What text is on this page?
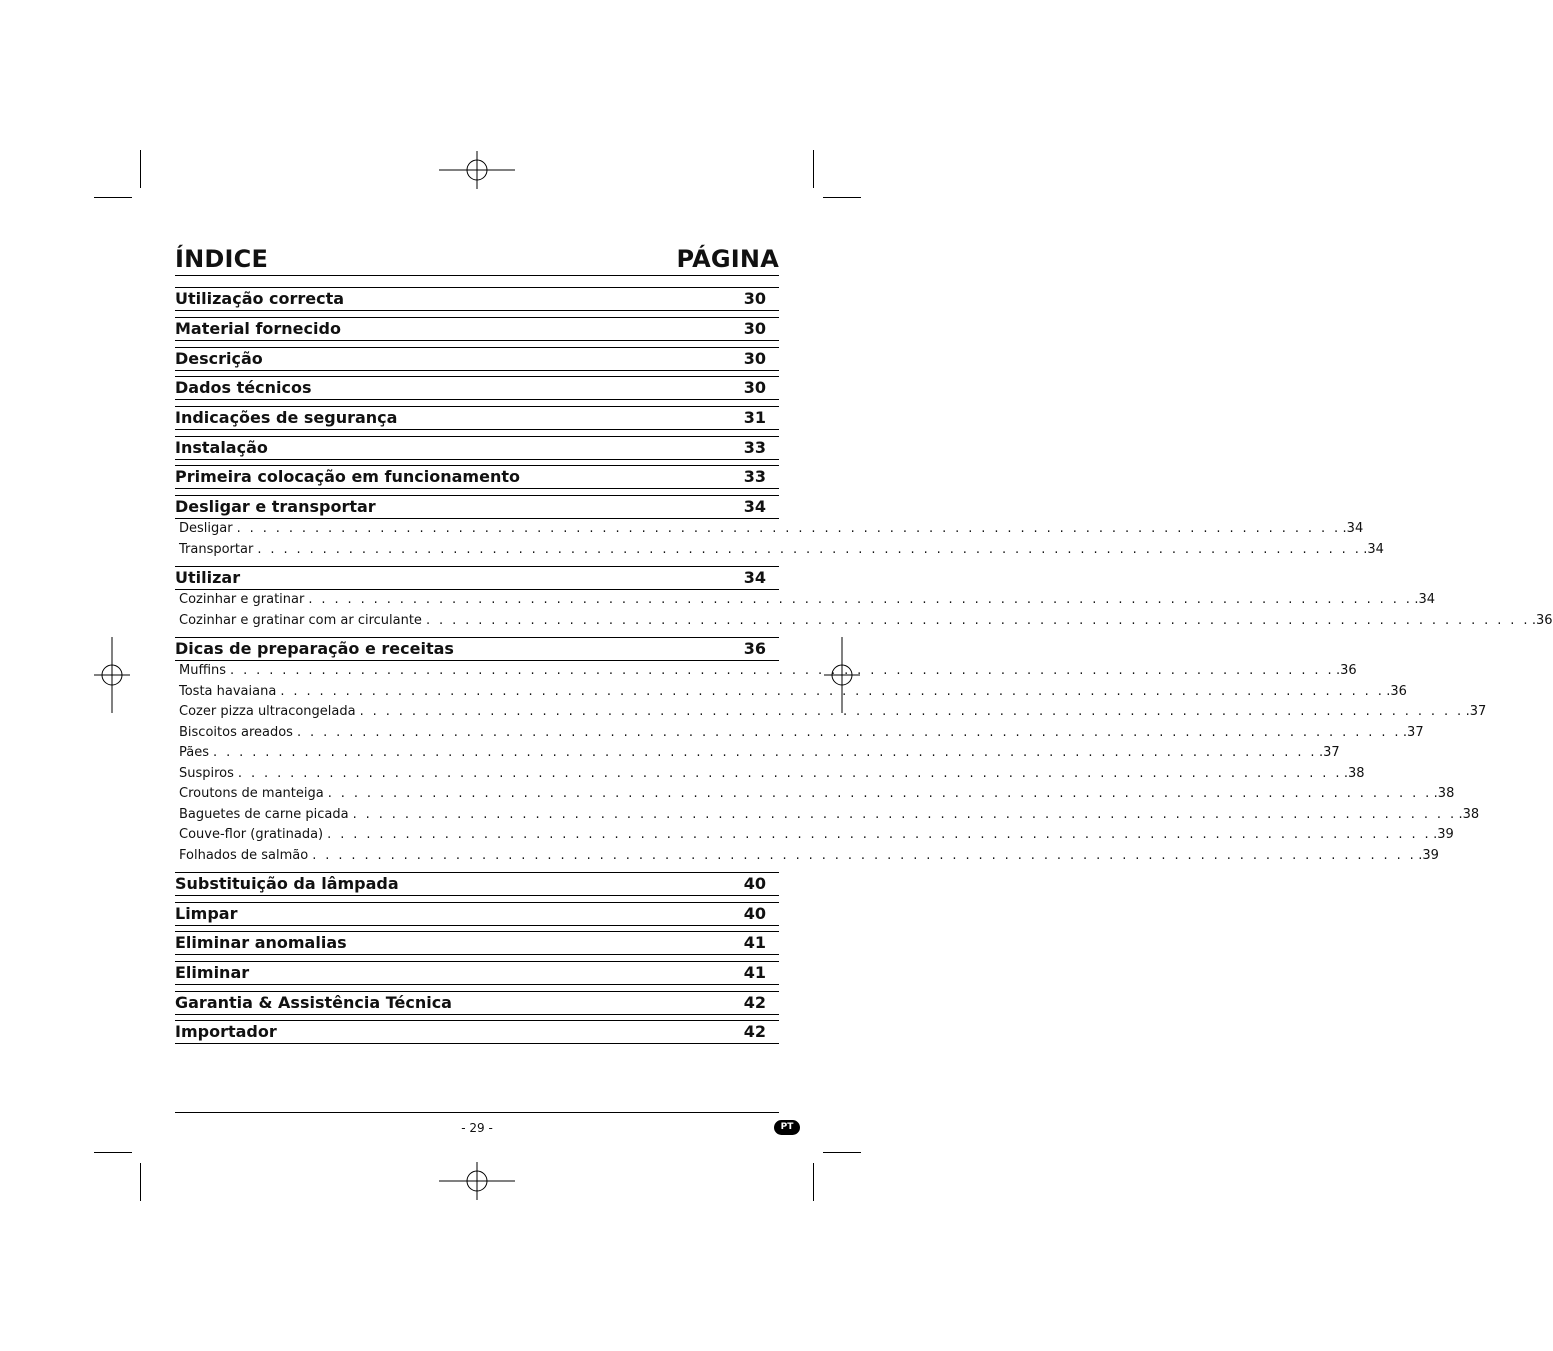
ÍNDICE	PÁGINA
Utilização correcta	30
Material fornecido	30
Descrição	30
Dados técnicos	30
Indicações de segurança	31
Instalação	33
Primeira colocação em funcionamento	33
Desligar e transportar	34
Desligar . . . . . . . . . . . . . . . . . . . . . . . . . . . . . . . . . . . . . . . . . . . . . . . . . . . . . . . . . . . . . . . . . . . . . . . . . . . . . . . . . . . . . .34
Transportar . . . . . . . . . . . . . . . . . . . . . . . . . . . . . . . . . . . . . . . . . . . . . . . . . . . . . . . . . . . . . . . . . . . . . . . . . . . . . . . . . . . . . .34
Utilizar	34
Cozinhar e gratinar . . . . . . . . . . . . . . . . . . . . . . . . . . . . . . . . . . . . . . . . . . . . . . . . . . . . . . . . . . . . . . . . . . . . . . . . . . . . . . . . . . . . . .34
Cozinhar e gratinar com ar circulante . . . . . . . . . . . . . . . . . . . . . . . . . . . . . . . . . . . . . . . . . . . . . . . . . . . . . . . . . . . . . . . . . . . . . . . . . . . . . . . . . . . . . .36
Dicas de preparação e receitas	36
Muffins . . . . . . . . . . . . . . . . . . . . . . . . . . . . . . . . . . . . . . . . . . . . . . . . . . . . . . . . . . . . . . . . . . . . . . . . . . . . . . . . . . . . . .36
Tosta havaiana . . . . . . . . . . . . . . . . . . . . . . . . . . . . . . . . . . . . . . . . . . . . . . . . . . . . . . . . . . . . . . . . . . . . . . . . . . . . . . . . . . . . . .36
Cozer pizza ultracongelada . . . . . . . . . . . . . . . . . . . . . . . . . . . . . . . . . . . . . . . . . . . . . . . . . . . . . . . . . . . . . . . . . . . . . . . . . . . . . . . . . . . . . .37
Biscoitos areados . . . . . . . . . . . . . . . . . . . . . . . . . . . . . . . . . . . . . . . . . . . . . . . . . . . . . . . . . . . . . . . . . . . . . . . . . . . . . . . . . . . . . .37
Pães . . . . . . . . . . . . . . . . . . . . . . . . . . . . . . . . . . . . . . . . . . . . . . . . . . . . . . . . . . . . . . . . . . . . . . . . . . . . . . . . . . . . . .37
Suspiros . . . . . . . . . . . . . . . . . . . . . . . . . . . . . . . . . . . . . . . . . . . . . . . . . . . . . . . . . . . . . . . . . . . . . . . . . . . . . . . . . . . . . .38
Croutons de manteiga . . . . . . . . . . . . . . . . . . . . . . . . . . . . . . . . . . . . . . . . . . . . . . . . . . . . . . . . . . . . . . . . . . . . . . . . . . . . . . . . . . . . . .38
Baguetes de carne picada . . . . . . . . . . . . . . . . . . . . . . . . . . . . . . . . . . . . . . . . . . . . . . . . . . . . . . . . . . . . . . . . . . . . . . . . . . . . . . . . . . . . . .38
Couve-flor (gratinada) . . . . . . . . . . . . . . . . . . . . . . . . . . . . . . . . . . . . . . . . . . . . . . . . . . . . . . . . . . . . . . . . . . . . . . . . . . . . . . . . . . . . . .39
Folhados de salmão . . . . . . . . . . . . . . . . . . . . . . . . . . . . . . . . . . . . . . . . . . . . . . . . . . . . . . . . . . . . . . . . . . . . . . . . . . . . . . . . . . . . . .39
Substituição da lâmpada	40
Limpar	40
Eliminar anomalias	41
Eliminar	41
Garantia & Assistência Técnica	42
Importador	42
- 29 -	PT
